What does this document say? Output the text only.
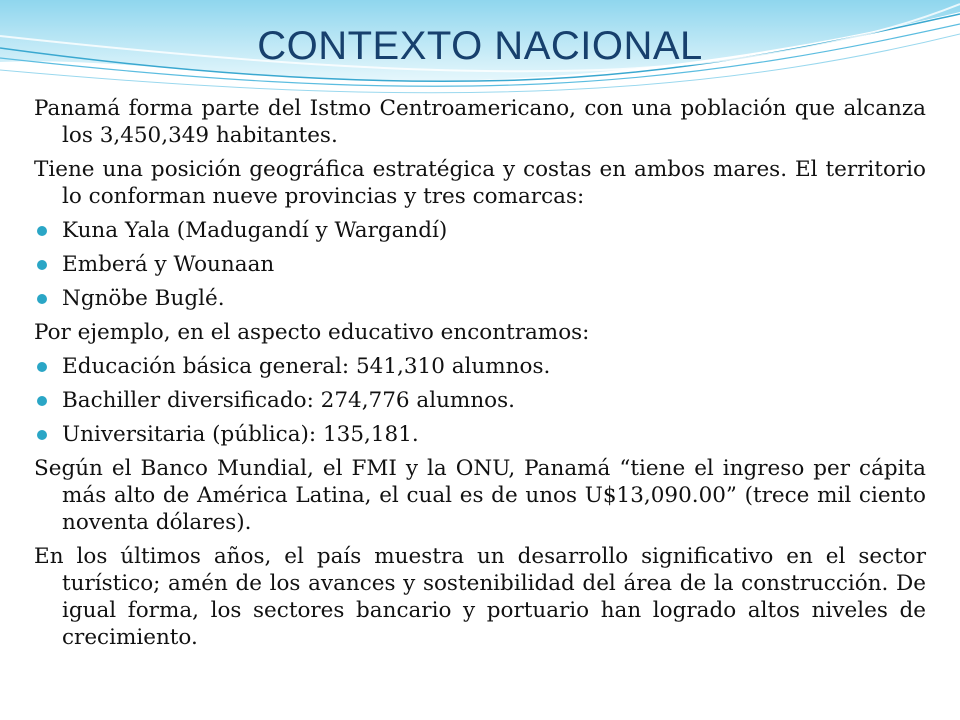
CONTEXTO NACIONAL

Panamá forma parte del Istmo Centroamericano, con una población que alcanza los 3,450,349 habitantes.

Tiene una posición geográfica estratégica y costas en ambos mares. El territorio lo conforman nueve provincias y tres comarcas:

Kuna Yala (Madugandí y Wargandí)
Emberá y Wounaan
Ngnöbe Buglé.

Por ejemplo, en el aspecto educativo encontramos:

Educación básica general: 541,310 alumnos.
Bachiller diversificado: 274,776 alumnos.
Universitaria (pública): 135,181.

Según el Banco Mundial, el FMI y la ONU, Panamá “tiene el ingreso per cápita más alto de América Latina, el cual es de unos U$13,090.00” (trece mil ciento noventa dólares).

En los últimos años, el país muestra un desarrollo significativo en el sector turístico; amén de los avances y sostenibilidad del área de la construcción. De igual forma, los sectores bancario y portuario han logrado altos niveles de crecimiento.
